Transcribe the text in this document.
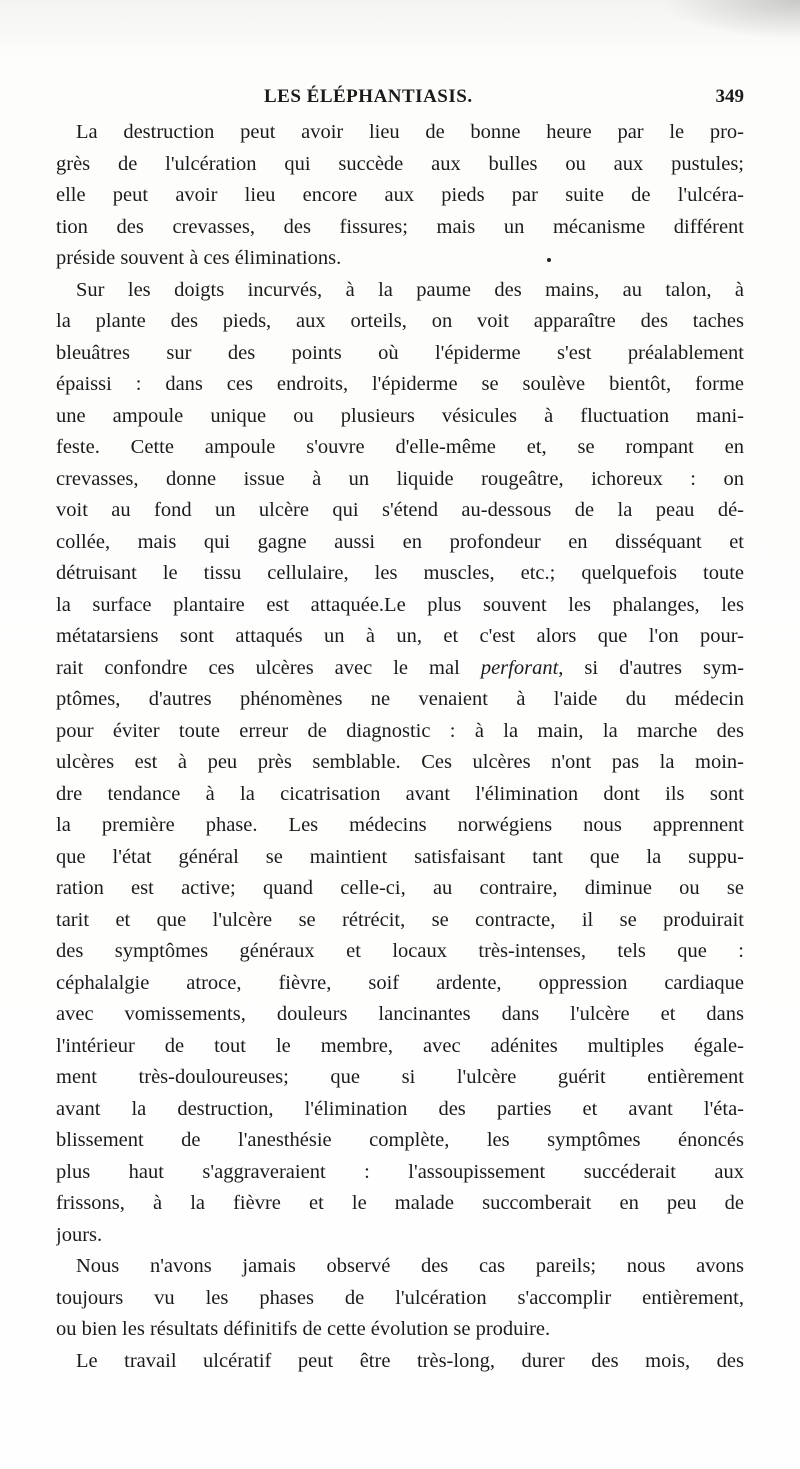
LES ÉLÉPHANTIASIS.	349
La destruction peut avoir lieu de bonne heure par le pro-
grès de l'ulcération qui succède aux bulles ou aux pustules;
elle peut avoir lieu encore aux pieds par suite de l'ulcéra-
tion des crevasses, des fissures; mais un mécanisme différent
préside souvent à ces éliminations.
Sur les doigts incurvés, à la paume des mains, au talon, à
la plante des pieds, aux orteils, on voit apparaître des taches
bleuâtres sur des points où l'épiderme s'est préalablement
épaissi : dans ces endroits, l'épiderme se soulève bientôt, forme
une ampoule unique ou plusieurs vésicules à fluctuation mani-
feste. Cette ampoule s'ouvre d'elle-même et, se rompant en
crevasses, donne issue à un liquide rougeâtre, ichoreux : on
voit au fond un ulcère qui s'étend au-dessous de la peau dé-
collée, mais qui gagne aussi en profondeur en disséquant et
détruisant le tissu cellulaire, les muscles, etc.; quelquefois toute
la surface plantaire est attaquée.Le plus souvent les phalanges, les
métatarsiens sont attaqués un à un, et c'est alors que l'on pour-
rait confondre ces ulcères avec le mal perforant, si d'autres sym-
ptômes, d'autres phénomènes ne venaient à l'aide du médecin
pour éviter toute erreur de diagnostic : à la main, la marche des
ulcères est à peu près semblable. Ces ulcères n'ont pas la moin-
dre tendance à la cicatrisation avant l'élimination dont ils sont
la première phase. Les médecins norwégiens nous apprennent
que l'état général se maintient satisfaisant tant que la suppu-
ration est active; quand celle-ci, au contraire, diminue ou se
tarit et que l'ulcère se rétrécit, se contracte, il se produirait
des symptômes généraux et locaux très-intenses, tels que :
céphalalgie atroce, fièvre, soif ardente, oppression cardiaque
avec vomissements, douleurs lancinantes dans l'ulcère et dans
l'intérieur de tout le membre, avec adénites multiples égale-
ment très-douloureuses; que si l'ulcère guérit entièrement
avant la destruction, l'élimination des parties et avant l'éta-
blissement de l'anesthésie complète, les symptômes énoncés
plus haut s'aggraveraient : l'assoupissement succéderait aux
frissons, à la fièvre et le malade succomberait en peu de
jours.
Nous n'avons jamais observé des cas pareils; nous avons
toujours vu les phases de l'ulcération s'accomplir entièrement,
ou bien les résultats définitifs de cette évolution se produire.
Le travail ulcératif peut être très-long, durer des mois, des
